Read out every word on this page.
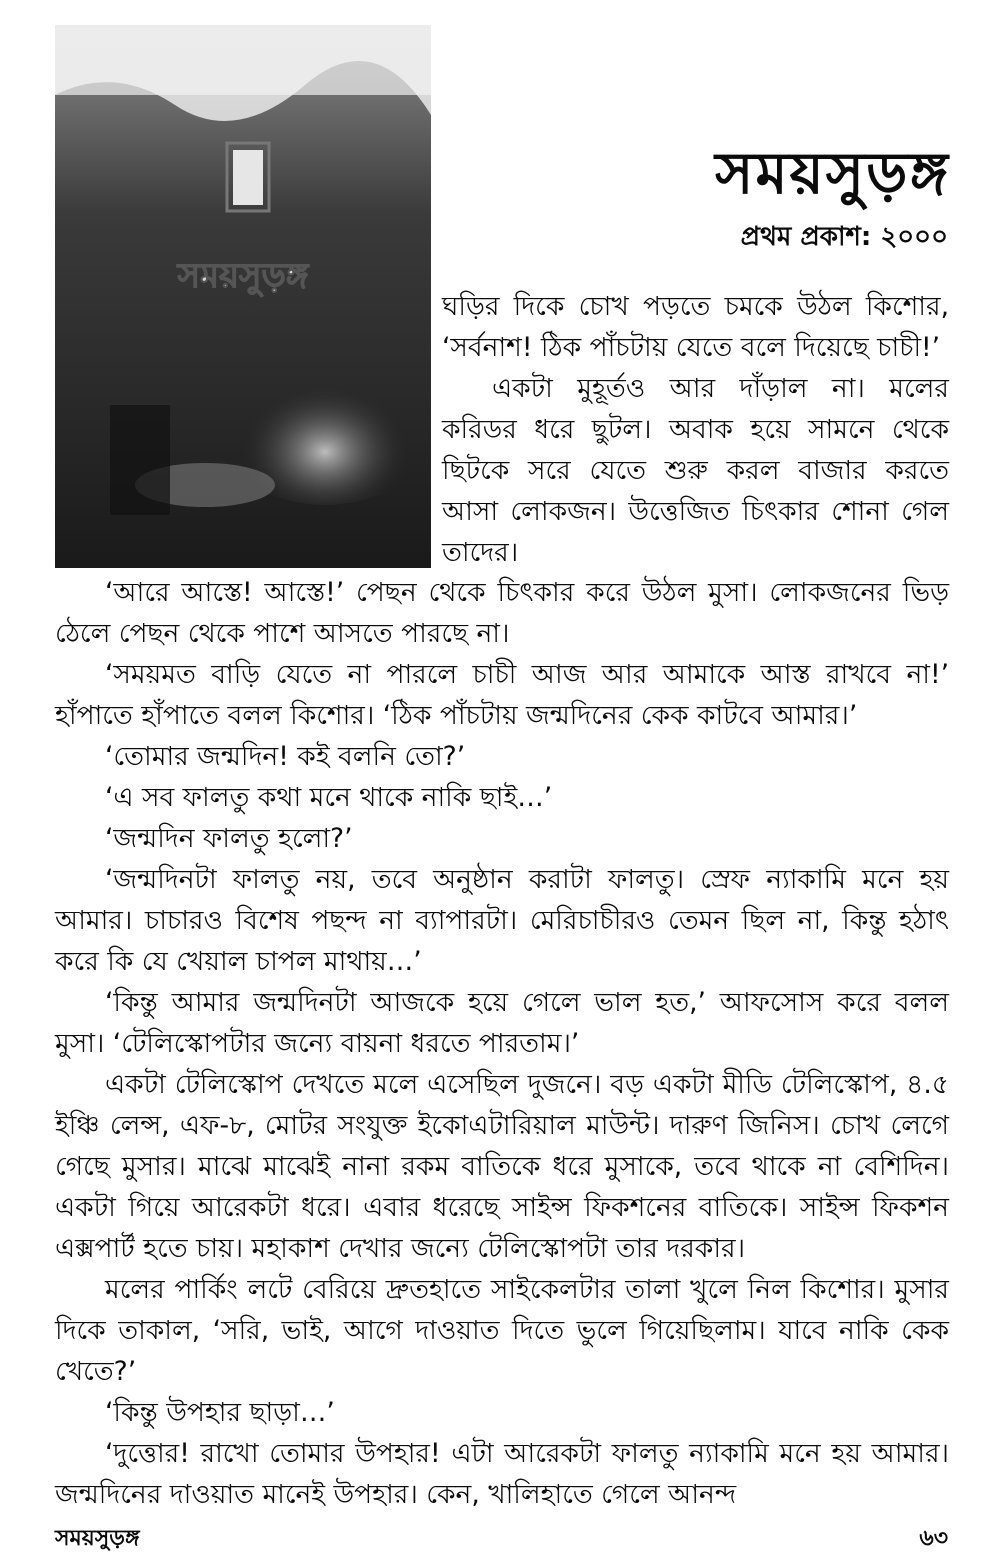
সময়সুড়ঙ্গ
সময়সুড়ঙ্গ
প্রথম প্রকাশ: ২০০০

ঘড়ির দিকে চোখ পড়তে চমকে উঠল কিশোর, ‘সর্বনাশ! ঠিক পাঁচটায় যেতে বলে দিয়েছে চাচী!’

একটা মুহূর্তও আর দাঁড়াল না। মলের করিডর ধরে ছুটল। অবাক হয়ে সামনে থেকে ছিটকে সরে যেতে শুরু করল বাজার করতে আসা লোকজন। উত্তেজিত চিৎকার শোনা গেল তাদের।

‘আরে আস্তে! আস্তে!’ পেছন থেকে চিৎকার করে উঠল মুসা। লোকজনের ভিড় ঠেলে পেছন থেকে পাশে আসতে পারছে না।

‘সময়মত বাড়ি যেতে না পারলে চাচী আজ আর আমাকে আস্ত রাখবে না!’ হাঁপাতে হাঁপাতে বলল কিশোর। ‘ঠিক পাঁচটায় জন্মদিনের কেক কাটবে আমার।’

‘তোমার জন্মদিন! কই বলনি তো?’

‘এ সব ফালতু কথা মনে থাকে নাকি ছাই…’

‘জন্মদিন ফালতু হলো?’

‘জন্মদিনটা ফালতু নয়, তবে অনুষ্ঠান করাটা ফালতু। স্রেফ ন্যাকামি মনে হয় আমার। চাচারও বিশেষ পছন্দ না ব্যাপারটা। মেরিচাচীরও তেমন ছিল না, কিন্তু হঠাৎ করে কি যে খেয়াল চাপল মাথায়…’

‘কিন্তু আমার জন্মদিনটা আজকে হয়ে গেলে ভাল হত,’ আফসোস করে বলল মুসা। ‘টেলিস্কোপটার জন্যে বায়না ধরতে পারতাম।’

একটা টেলিস্কোপ দেখতে মলে এসেছিল দুজনে। বড় একটা মীডি টেলিস্কোপ, ৪.৫ ইঞ্চি লেন্স, এফ-৮, মোটর সংযুক্ত ইকোএটারিয়াল মাউন্ট। দারুণ জিনিস। চোখ লেগে গেছে মুসার। মাঝে মাঝেই নানা রকম বাতিকে ধরে মুসাকে, তবে থাকে না বেশিদিন। একটা গিয়ে আরেকটা ধরে। এবার ধরেছে সাইন্স ফিকশনের বাতিকে। সাইন্স ফিকশন এক্সপার্ট হতে চায়। মহাকাশ দেখার জন্যে টেলিস্কোপটা তার দরকার।

মলের পার্কিং লটে বেরিয়ে দ্রুতহাতে সাইকেলটার তালা খুলে নিল কিশোর। মুসার দিকে তাকাল, ‘সরি, ভাই, আগে দাওয়াত দিতে ভুলে গিয়েছিলাম। যাবে নাকি কেক খেতে?’

‘কিন্তু উপহার ছাড়া…’

‘দুত্তোর! রাখো তোমার উপহার! এটা আরেকটা ফালতু ন্যাকামি মনে হয় আমার। জন্মদিনের দাওয়াত মানেই উপহার। কেন, খালিহাতে গেলে আনন্দ

সময়সুড়ঙ্গ	৬৩
